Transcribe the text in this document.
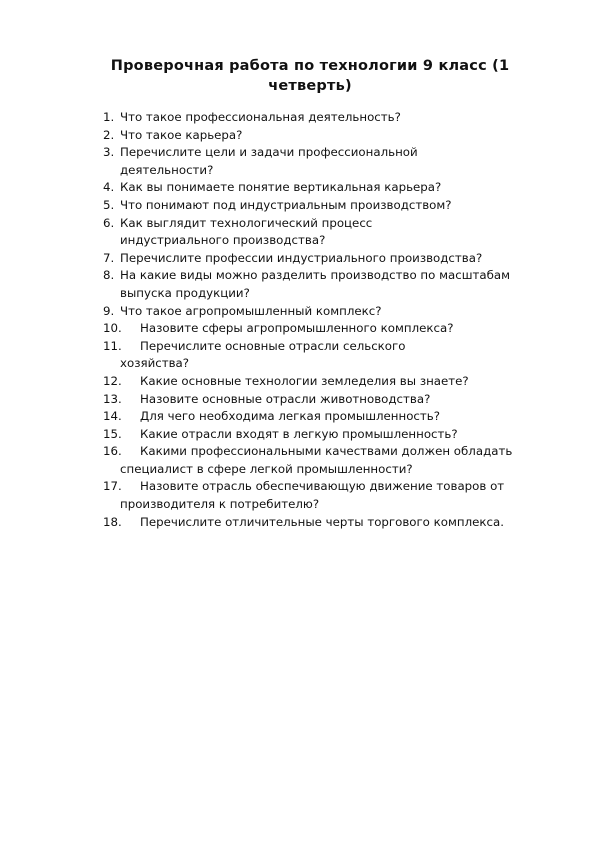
Проверочная работа по технологии 9 класс (1
четверть)
1. Что такое профессиональная деятельность?
2. Что такое карьера?
3. Перечислите цели и задачи профессиональной деятельности?
4. Как вы понимаете понятие вертикальная карьера?
5. Что понимают под индустриальным производством?
6. Как выглядит технологический процесс индустриального производства?
7. Перечислите профессии индустриального производства?
8. На какие виды можно разделить производство по масштабам выпуска продукции?
9. Что такое агропромышленный комплекс?
10. Назовите сферы агропромышленного комплекса?
11. Перечислите основные отрасли сельского хозяйства?
12. Какие основные технологии земледелия вы знаете?
13. Назовите основные отрасли животноводства?
14. Для чего необходима легкая промышленность?
15. Какие отрасли входят в легкую промышленность?
16. Какими профессиональными качествами должен обладать специалист в сфере легкой промышленности?
17. Назовите отрасль обеспечивающую движение товаров от производителя к потребителю?
18. Перечислите отличительные черты торгового комплекса.
